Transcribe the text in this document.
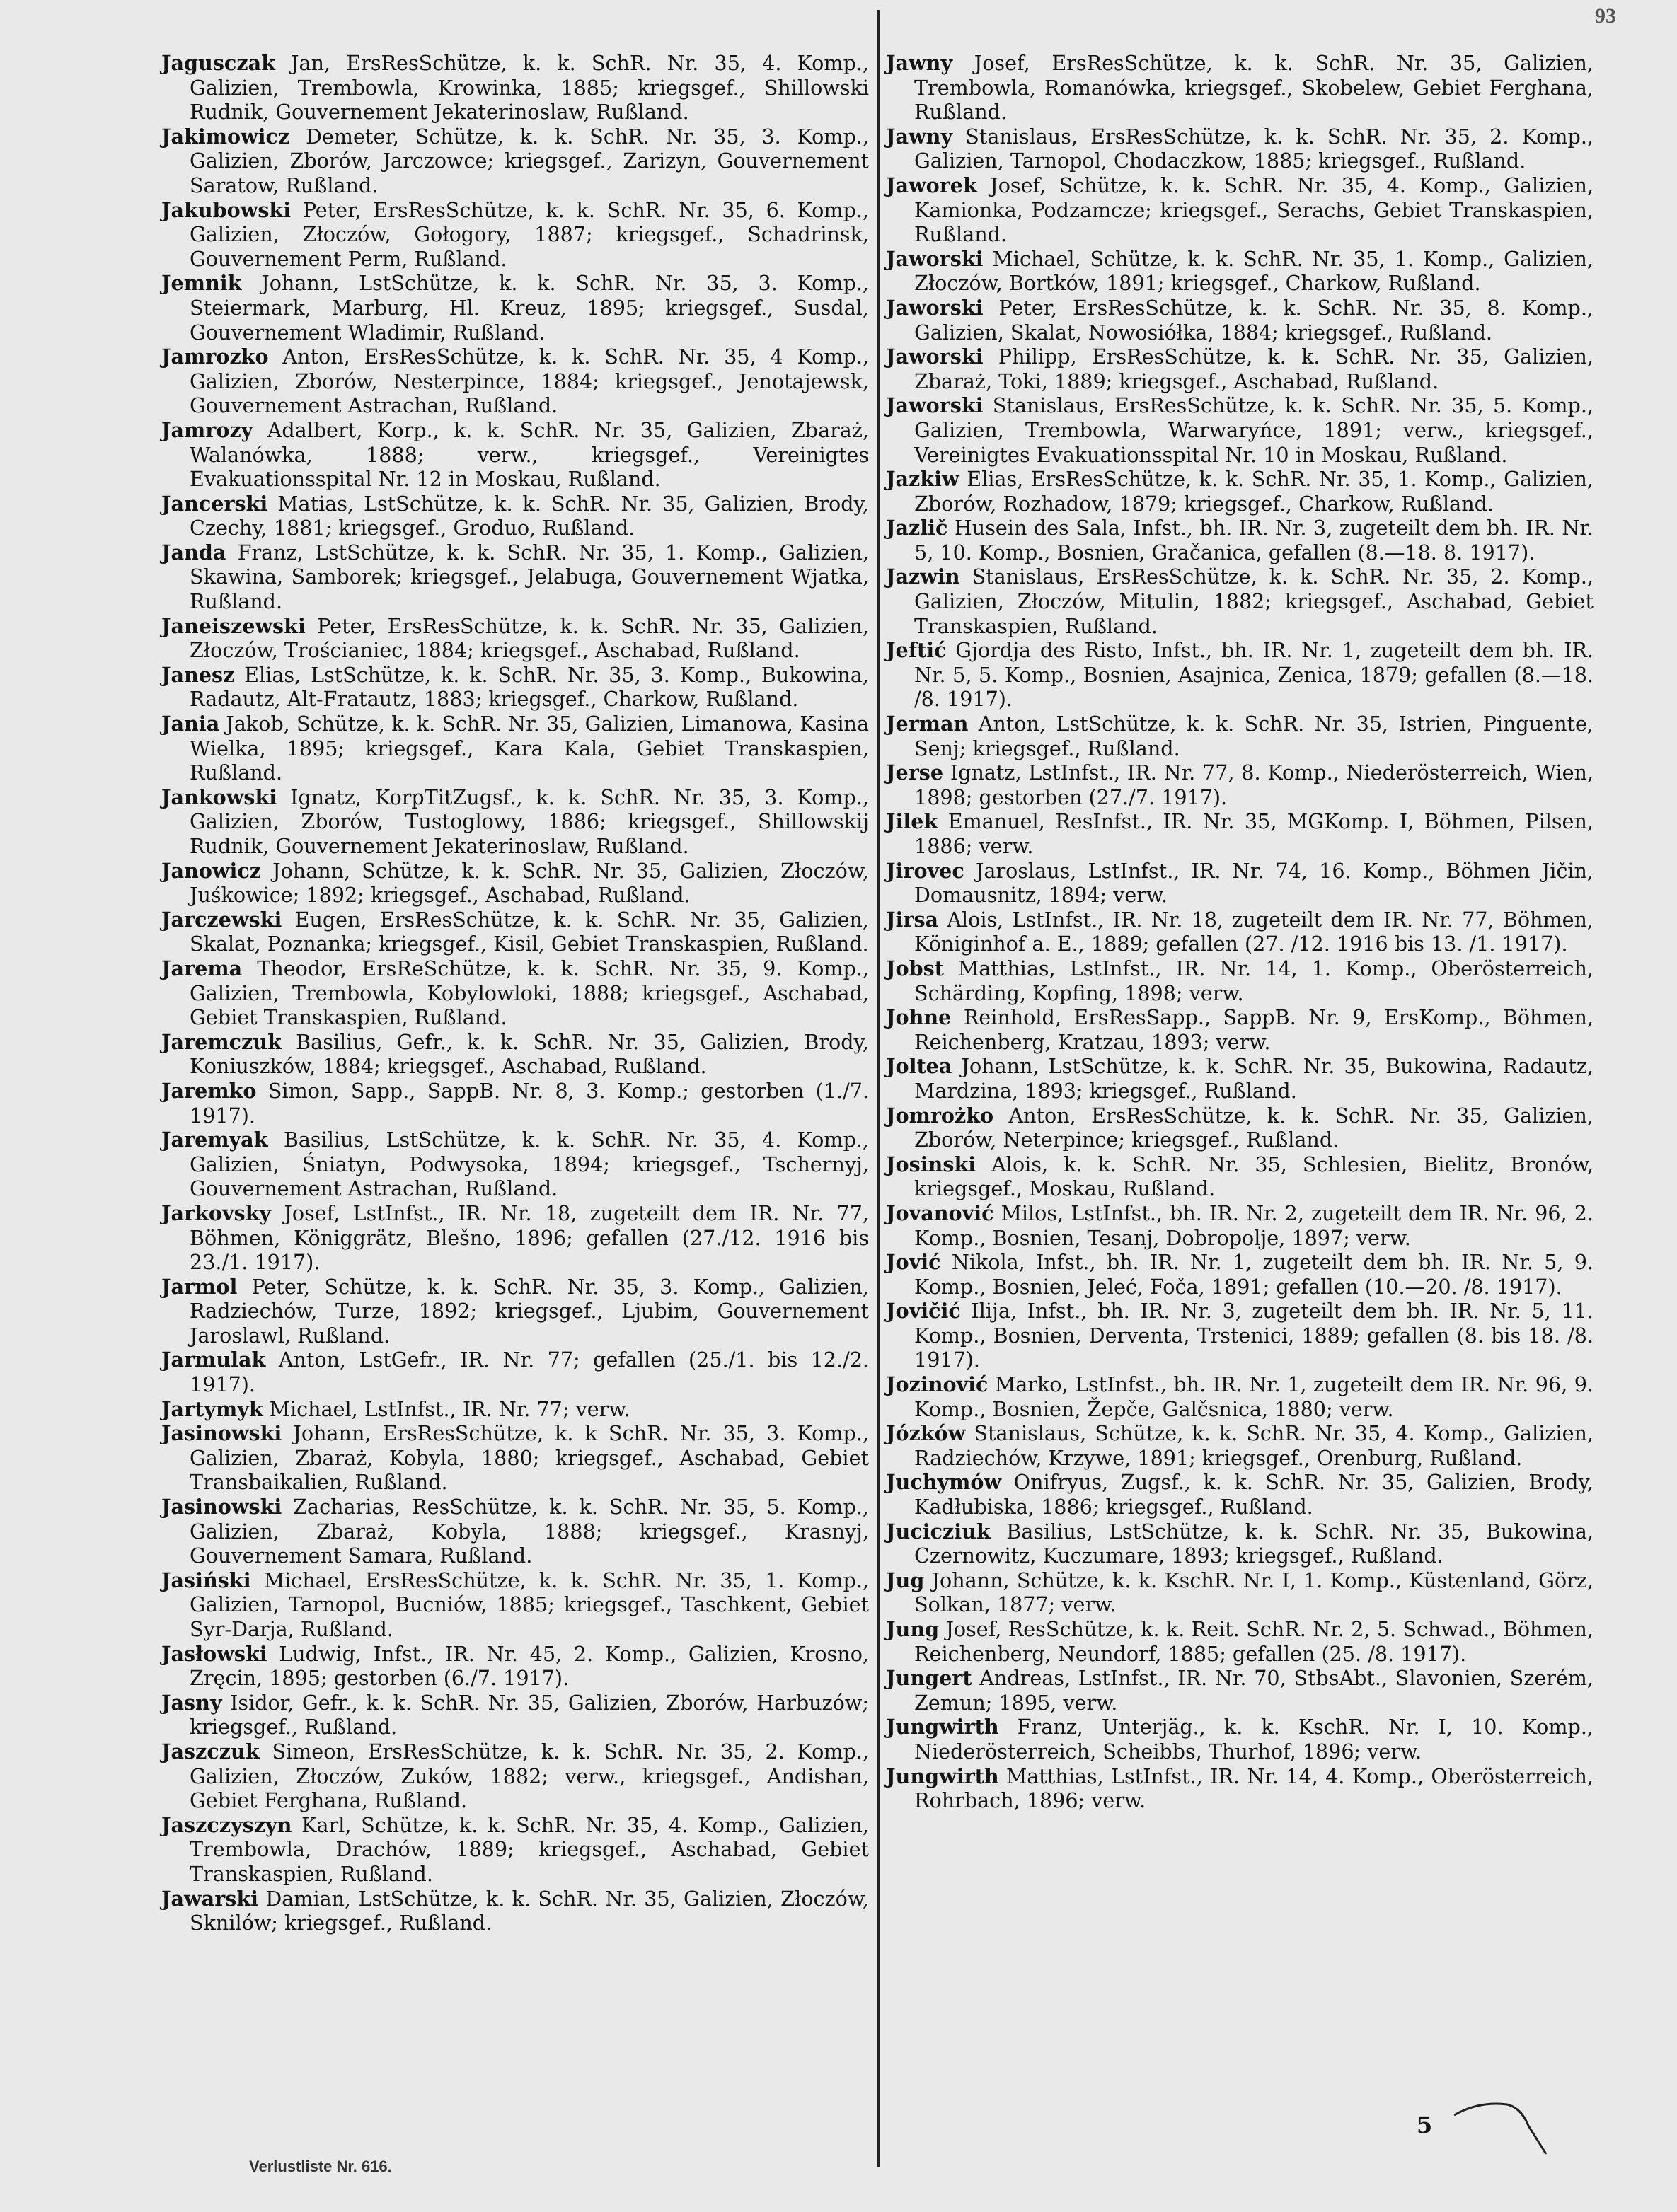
93
Jagusczak Jan, ErsResSchütze, k. k. SchR. Nr. 35, 4. Komp., Galizien, Trembowla, Krowinka, 1885; kriegsgef., Shillowski Rudnik, Gouvernement Jekaterinoslaw, Rußland.
Jakimowicz Demeter, Schütze, k. k. SchR. Nr. 35, 3. Komp., Galizien, Zborów, Jarczowce; kriegsgef., Zarizyn, Gouvernement Saratow, Rußland.
Jakubowski Peter, ErsResSchütze, k. k. SchR. Nr. 35, 6. Komp., Galizien, Złoczów, Gołogory, 1887; kriegsgef., Schadrinsk, Gouvernement Perm, Rußland.
Jemnik Johann, LstSchütze, k. k. SchR. Nr. 35, 3. Komp., Steiermark, Marburg, Hl. Kreuz, 1895; kriegsgef., Susdal, Gouvernement Wladimir, Rußland.
Jamrozko Anton, ErsResSchütze, k. k. SchR. Nr. 35, 4 Komp., Galizien, Zborów, Nesterpince, 1884; kriegsgef., Jenotajewsk, Gouvernement Astrachan, Rußland.
Jamrozy Adalbert, Korp., k. k. SchR. Nr. 35, Galizien, Zbaraż, Walanówka, 1888; verw., kriegsgef., Vereinigtes Evakuationsspital Nr. 12 in Moskau, Rußland.
Jancerski Matias, LstSchütze, k. k. SchR. Nr. 35, Galizien, Brody, Czechy, 1881; kriegsgef., Groduo, Rußland.
Janda Franz, LstSchütze, k. k. SchR. Nr. 35, 1. Komp., Galizien, Skawina, Samborek; kriegsgef., Jelabuga, Gouvernement Wjatka, Rußland.
Janeiszewski Peter, ErsResSchütze, k. k. SchR. Nr. 35, Galizien, Złoczów, Trościaniec, 1884; kriegsgef., Aschabad, Rußland.
Janesz Elias, LstSchütze, k. k. SchR. Nr. 35, 3. Komp., Bukowina, Radautz, Alt-Fratautz, 1883; kriegsgef., Charkow, Rußland.
Jania Jakob, Schütze, k. k. SchR. Nr. 35, Galizien, Limanowa, Kasina Wielka, 1895; kriegsgef., Kara Kala, Gebiet Transkaspien, Rußland.
Jankowski Ignatz, KorpTitZugsf., k. k. SchR. Nr. 35, 3. Komp., Galizien, Zborów, Tustoglowy, 1886; kriegsgef., Shillowskij Rudnik, Gouvernement Jekaterinoslaw, Rußland.
Janowicz Johann, Schütze, k. k. SchR. Nr. 35, Galizien, Złoczów, Juśkowice; 1892; kriegsgef., Aschabad, Rußland.
Jarczewski Eugen, ErsResSchütze, k. k. SchR. Nr. 35, Galizien, Skalat, Poznanka; kriegsgef., Kisil, Gebiet Transkaspien, Rußland.
Jarema Theodor, ErsReSchütze, k. k. SchR. Nr. 35, 9. Komp., Galizien, Trembowla, Kobylowloki, 1888; kriegsgef., Aschabad, Gebiet Transkaspien, Rußland.
Jaremczuk Basilius, Gefr., k. k. SchR. Nr. 35, Galizien, Brody, Koniuszków, 1884; kriegsgef., Aschabad, Rußland.
Jaremko Simon, Sapp., SappB. Nr. 8, 3. Komp.; gestorben (1./7. 1917).
Jaremyak Basilius, LstSchütze, k. k. SchR. Nr. 35, 4. Komp., Galizien, Śniatyn, Podwysoka, 1894; kriegsgef., Tschernyj, Gouvernement Astrachan, Rußland.
Jarkovsky Josef, LstInfst., IR. Nr. 18, zugeteilt dem IR. Nr. 77, Böhmen, Königgrätz, Blešno, 1896; gefallen (27./12. 1916 bis 23./1. 1917).
Jarmol Peter, Schütze, k. k. SchR. Nr. 35, 3. Komp., Galizien, Radziechów, Turze, 1892; kriegsgef., Ljubim, Gouvernement Jaroslawl, Rußland.
Jarmulak Anton, LstGefr., IR. Nr. 77; gefallen (25./1. bis 12./2. 1917).
Jartymyk Michael, LstInfst., IR. Nr. 77; verw.
Jasinowski Johann, ErsResSchütze, k. k SchR. Nr. 35, 3. Komp., Galizien, Zbaraż, Kobyla, 1880; kriegsgef., Aschabad, Gebiet Transbaikalien, Rußland.
Jasinowski Zacharias, ResSchütze, k. k. SchR. Nr. 35, 5. Komp., Galizien, Zbaraż, Kobyla, 1888; kriegsgef., Krasnyj, Gouvernement Samara, Rußland.
Jasiński Michael, ErsResSchütze, k. k. SchR. Nr. 35, 1. Komp., Galizien, Tarnopol, Bucniów, 1885; kriegsgef., Taschkent, Gebiet Syr-Darja, Rußland.
Jasłowski Ludwig, Infst., IR. Nr. 45, 2. Komp., Galizien, Krosno, Zręcin, 1895; gestorben (6./7. 1917).
Jasny Isidor, Gefr., k. k. SchR. Nr. 35, Galizien, Zborów, Harbuzów; kriegsgef., Rußland.
Jaszczuk Simeon, ErsResSchütze, k. k. SchR. Nr. 35, 2. Komp., Galizien, Złoczów, Zuków, 1882; verw., kriegsgef., Andishan, Gebiet Ferghana, Rußland.
Jaszczyszyn Karl, Schütze, k. k. SchR. Nr. 35, 4. Komp., Galizien, Trembowla, Drachów, 1889; kriegsgef., Aschabad, Gebiet Transkaspien, Rußland.
Jawarski Damian, LstSchütze, k. k. SchR. Nr. 35, Galizien, Złoczów, Sknilów; kriegsgef., Rußland.
Jawny Josef, ErsResSchütze, k. k. SchR. Nr. 35, Galizien, Trembowla, Romanówka, kriegsgef., Skobelew, Gebiet Ferghana, Rußland.
Jawny Stanislaus, ErsResSchütze, k. k. SchR. Nr. 35, 2. Komp., Galizien, Tarnopol, Chodaczkow, 1885; kriegsgef., Rußland.
Jaworek Josef, Schütze, k. k. SchR. Nr. 35, 4. Komp., Galizien, Kamionka, Podzamcze; kriegsgef., Serachs, Gebiet Transkaspien, Rußland.
Jaworski Michael, Schütze, k. k. SchR. Nr. 35, 1. Komp., Galizien, Złoczów, Bortków, 1891; kriegsgef., Charkow, Rußland.
Jaworski Peter, ErsResSchütze, k. k. SchR. Nr. 35, 8. Komp., Galizien, Skalat, Nowosiółka, 1884; kriegsgef., Rußland.
Jaworski Philipp, ErsResSchütze, k. k. SchR. Nr. 35, Galizien, Zbaraż, Toki, 1889; kriegsgef., Aschabad, Rußland.
Jaworski Stanislaus, ErsResSchütze, k. k. SchR. Nr. 35, 5. Komp., Galizien, Trembowla, Warwaryńce, 1891; verw., kriegsgef., Vereinigtes Evakuationsspital Nr. 10 in Moskau, Rußland.
Jazkiw Elias, ErsResSchütze, k. k. SchR. Nr. 35, 1. Komp., Galizien, Zborów, Rozhadow, 1879; kriegsgef., Charkow, Rußland.
Jazlič Husein des Sala, Infst., bh. IR. Nr. 3, zugeteilt dem bh. IR. Nr. 5, 10. Komp., Bosnien, Gračanica, gefallen (8.—18. 8. 1917).
Jazwin Stanislaus, ErsResSchütze, k. k. SchR. Nr. 35, 2. Komp., Galizien, Złoczów, Mitulin, 1882; kriegsgef., Aschabad, Gebiet Transkaspien, Rußland.
Jeftić Gjordja des Risto, Infst., bh. IR. Nr. 1, zugeteilt dem bh. IR. Nr. 5, 5. Komp., Bosnien, Asajnica, Zenica, 1879; gefallen (8.—18. /8. 1917).
Jerman Anton, LstSchütze, k. k. SchR. Nr. 35, Istrien, Pinguente, Senj; kriegsgef., Rußland.
Jerse Ignatz, LstInfst., IR. Nr. 77, 8. Komp., Niederösterreich, Wien, 1898; gestorben (27./7. 1917).
Jilek Emanuel, ResInfst., IR. Nr. 35, MGKomp. I, Böhmen, Pilsen, 1886; verw.
Jirovec Jaroslaus, LstInfst., IR. Nr. 74, 16. Komp., Böhmen Jičin, Domausnitz, 1894; verw.
Jirsa Alois, LstInfst., IR. Nr. 18, zugeteilt dem IR. Nr. 77, Böhmen, Königinhof a. E., 1889; gefallen (27. /12. 1916 bis 13. /1. 1917).
Jobst Matthias, LstInfst., IR. Nr. 14, 1. Komp., Oberösterreich, Schärding, Kopfing, 1898; verw.
Johne Reinhold, ErsResSapp., SappB. Nr. 9, ErsKomp., Böhmen, Reichenberg, Kratzau, 1893; verw.
Joltea Johann, LstSchütze, k. k. SchR. Nr. 35, Bukowina, Radautz, Mardzina, 1893; kriegsgef., Rußland.
Jomrożko Anton, ErsResSchütze, k. k. SchR. Nr. 35, Galizien, Zborów, Neterpince; kriegsgef., Rußland.
Josinski Alois, k. k. SchR. Nr. 35, Schlesien, Bielitz, Bronów, kriegsgef., Moskau, Rußland.
Jovanović Milos, LstInfst., bh. IR. Nr. 2, zugeteilt dem IR. Nr. 96, 2. Komp., Bosnien, Tesanj, Dobropolje, 1897; verw.
Jović Nikola, Infst., bh. IR. Nr. 1, zugeteilt dem bh. IR. Nr. 5, 9. Komp., Bosnien, Jeleć, Foča, 1891; gefallen (10.—20. /8. 1917).
Jovičić Ilija, Infst., bh. IR. Nr. 3, zugeteilt dem bh. IR. Nr. 5, 11. Komp., Bosnien, Derventa, Trstenici, 1889; gefallen (8. bis 18. /8. 1917).
Jozinović Marko, LstInfst., bh. IR. Nr. 1, zugeteilt dem IR. Nr. 96, 9. Komp., Bosnien, Žepče, Galčsnica, 1880; verw.
Józków Stanislaus, Schütze, k. k. SchR. Nr. 35, 4. Komp., Galizien, Radziechów, Krzywe, 1891; kriegsgef., Orenburg, Rußland.
Juchymów Onifryus, Zugsf., k. k. SchR. Nr. 35, Galizien, Brody, Kadłubiska, 1886; kriegsgef., Rußland.
Jucicziuk Basilius, LstSchütze, k. k. SchR. Nr. 35, Bukowina, Czernowitz, Kuczumare, 1893; kriegsgef., Rußland.
Jug Johann, Schütze, k. k. KschR. Nr. I, 1. Komp., Küstenland, Görz, Solkan, 1877; verw.
Jung Josef, ResSchütze, k. k. Reit. SchR. Nr. 2, 5. Schwad., Böhmen, Reichenberg, Neundorf, 1885; gefallen (25. /8. 1917).
Jungert Andreas, LstInfst., IR. Nr. 70, StbsAbt., Slavonien, Szerém, Zemun; 1895, verw.
Jungwirth Franz, Unterjäg., k. k. KschR. Nr. I, 10. Komp., Niederösterreich, Scheibbs, Thurhof, 1896; verw.
Jungwirth Matthias, LstInfst., IR. Nr. 14, 4. Komp., Oberösterreich, Rohrbach, 1896; verw.
Verlustliste Nr. 616.
5
